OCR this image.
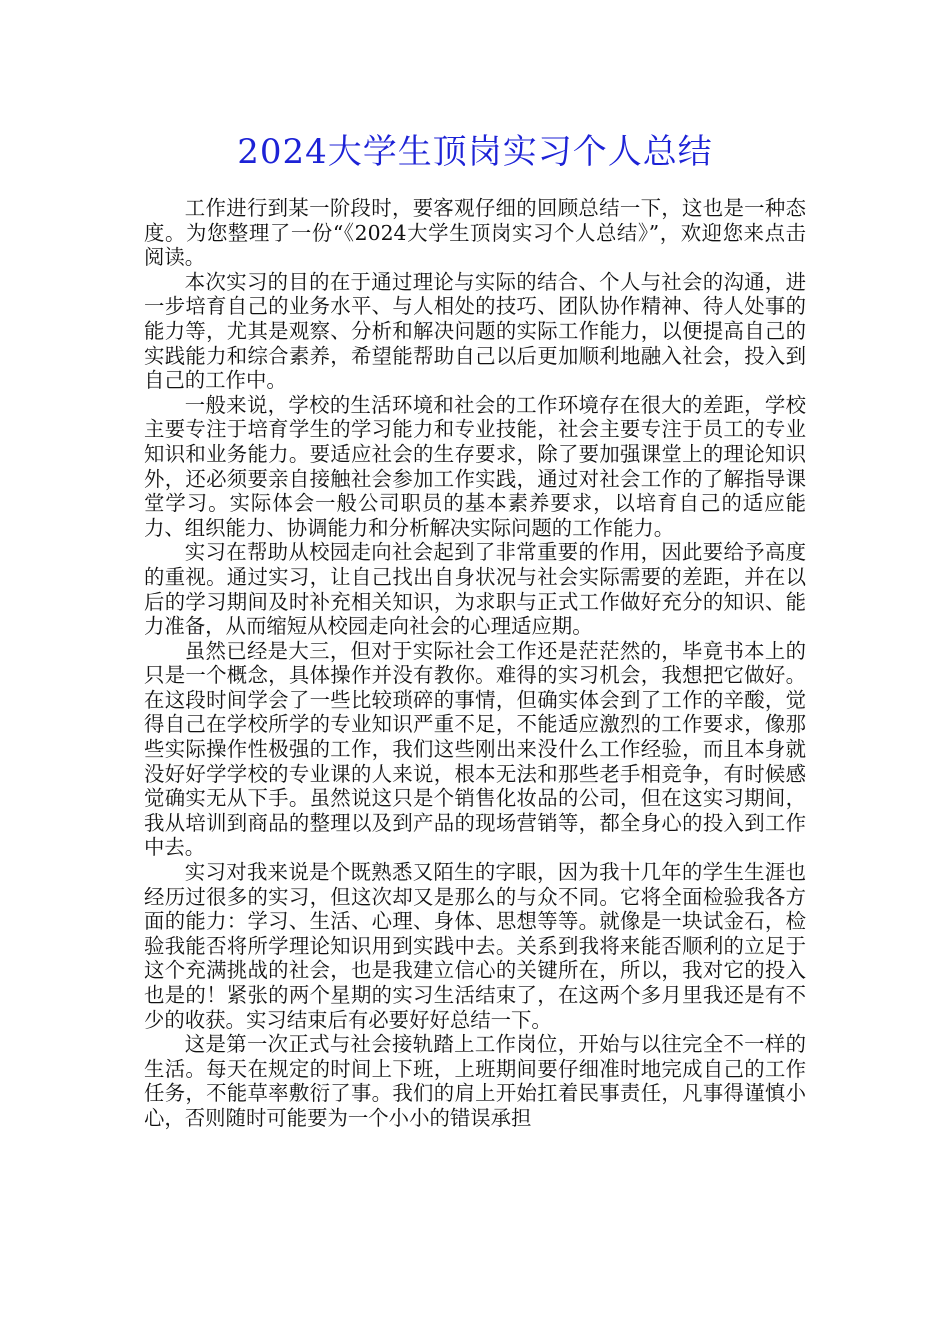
2024大学生顶岗实习个人总结

工作进行到某一阶段时，要客观仔细的回顾总结一下，这也是一种态度。为您整理了一份“《2024大学生顶岗实习个人总结》”，欢迎您来点击阅读。

本次实习的目的在于通过理论与实际的结合、个人与社会的沟通，进一步培育自己的业务水平、与人相处的技巧、团队协作精神、待人处事的能力等，尤其是观察、分析和解决问题的实际工作能力，以便提高自己的实践能力和综合素养，希望能帮助自己以后更加顺利地融入社会，投入到自己的工作中。

一般来说，学校的生活环境和社会的工作环境存在很大的差距，学校主要专注于培育学生的学习能力和专业技能，社会主要专注于员工的专业知识和业务能力。要适应社会的生存要求，除了要加强课堂上的理论知识外，还必须要亲自接触社会参加工作实践，通过对社会工作的了解指导课堂学习。实际体会一般公司职员的基本素养要求，以培育自己的适应能力、组织能力、协调能力和分析解决实际问题的工作能力。

实习在帮助从校园走向社会起到了非常重要的作用，因此要给予高度的重视。通过实习，让自己找出自身状况与社会实际需要的差距，并在以后的学习期间及时补充相关知识，为求职与正式工作做好充分的知识、能力准备，从而缩短从校园走向社会的心理适应期。

虽然已经是大三，但对于实际社会工作还是茫茫然的，毕竟书本上的只是一个概念，具体操作并没有教你。难得的实习机会，我想把它做好。在这段时间学会了一些比较琐碎的事情，但确实体会到了工作的辛酸，觉得自己在学校所学的专业知识严重不足，不能适应激烈的工作要求，像那些实际操作性极强的工作，我们这些刚出来没什么工作经验，而且本身就没好好学学校的专业课的人来说，根本无法和那些老手相竞争，有时候感觉确实无从下手。虽然说这只是个销售化妆品的公司，但在这实习期间，我从培训到商品的整理以及到产品的现场营销等，都全身心的投入到工作中去。

实习对我来说是个既熟悉又陌生的字眼，因为我十几年的学生生涯也经历过很多的实习，但这次却又是那么的与众不同。它将全面检验我各方面的能力：学习、生活、心理、身体、思想等等。就像是一块试金石，检验我能否将所学理论知识用到实践中去。关系到我将来能否顺利的立足于这个充满挑战的社会，也是我建立信心的关键所在，所以，我对它的投入也是的！紧张的两个星期的实习生活结束了，在这两个多月里我还是有不少的收获。实习结束后有必要好好总结一下。

这是第一次正式与社会接轨踏上工作岗位，开始与以往完全不一样的生活。每天在规定的时间上下班，上班期间要仔细准时地完成自己的工作任务，不能草率敷衍了事。我们的肩上开始扛着民事责任，凡事得谨慎小心，否则随时可能要为一个小小的错误承担
